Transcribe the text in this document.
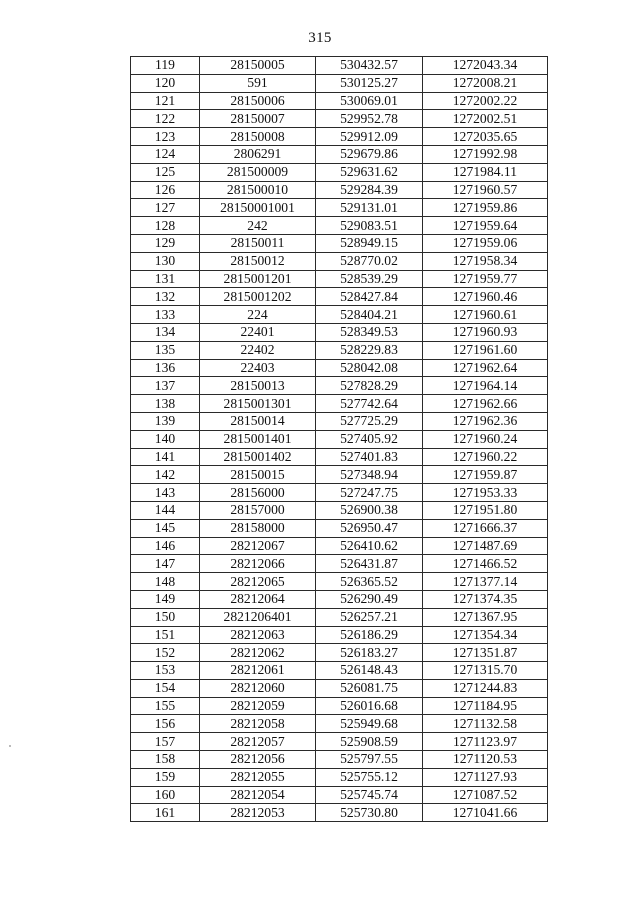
315
119	28150005	530432.57	1272043.34
120	591	530125.27	1272008.21
121	28150006	530069.01	1272002.22
122	28150007	529952.78	1272002.51
123	28150008	529912.09	1272035.65
124	2806291	529679.86	1271992.98
125	281500009	529631.62	1271984.11
126	281500010	529284.39	1271960.57
127	28150001001	529131.01	1271959.86
128	242	529083.51	1271959.64
129	28150011	528949.15	1271959.06
130	28150012	528770.02	1271958.34
131	2815001201	528539.29	1271959.77
132	2815001202	528427.84	1271960.46
133	224	528404.21	1271960.61
134	22401	528349.53	1271960.93
135	22402	528229.83	1271961.60
136	22403	528042.08	1271962.64
137	28150013	527828.29	1271964.14
138	2815001301	527742.64	1271962.66
139	28150014	527725.29	1271962.36
140	2815001401	527405.92	1271960.24
141	2815001402	527401.83	1271960.22
142	28150015	527348.94	1271959.87
143	28156000	527247.75	1271953.33
144	28157000	526900.38	1271951.80
145	28158000	526950.47	1271666.37
146	28212067	526410.62	1271487.69
147	28212066	526431.87	1271466.52
148	28212065	526365.52	1271377.14
149	28212064	526290.49	1271374.35
150	2821206401	526257.21	1271367.95
151	28212063	526186.29	1271354.34
152	28212062	526183.27	1271351.87
153	28212061	526148.43	1271315.70
154	28212060	526081.75	1271244.83
155	28212059	526016.68	1271184.95
156	28212058	525949.68	1271132.58
157	28212057	525908.59	1271123.97
158	28212056	525797.55	1271120.53
159	28212055	525755.12	1271127.93
160	28212054	525745.74	1271087.52
161	28212053	525730.80	1271041.66
